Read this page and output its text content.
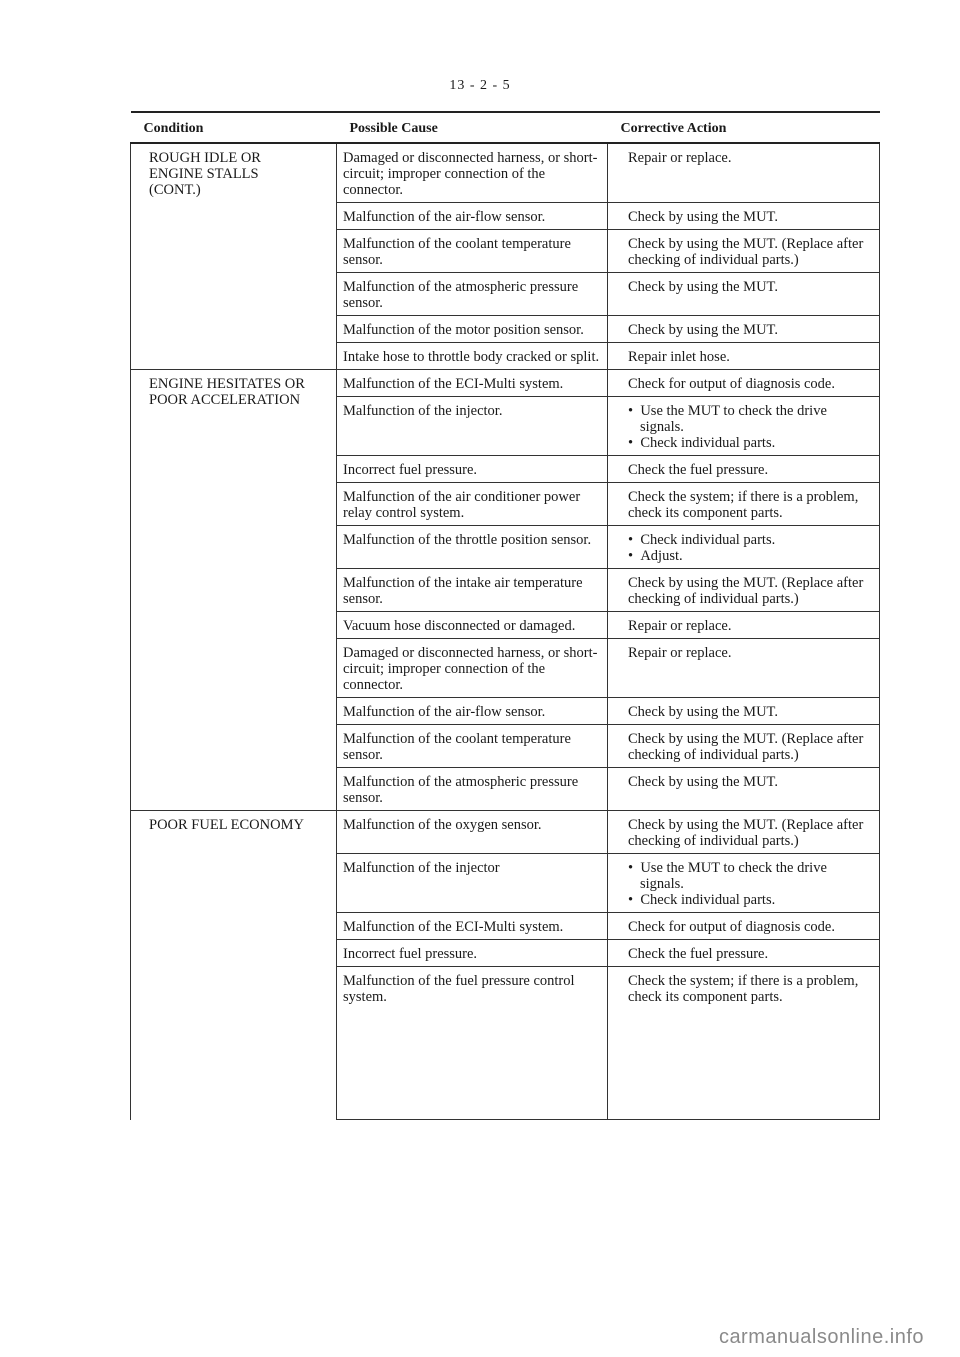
13 - 2 - 5
Condition	Possible Cause	Corrective Action
ROUGH IDLE OR
ENGINE STALLS
(CONT.)	Damaged or disconnected harness, or short-circuit; improper connection of the connector.	Repair or replace.

	Malfunction of the air-flow sensor.	Check by using the MUT.

	Malfunction of the coolant temperature sensor.	Check by using the MUT. (Replace after checking of individual parts.)

	Malfunction of the atmospheric pressure sensor.	Check by using the MUT.

	Malfunction of the motor position sensor.	Check by using the MUT.

	Intake hose to throttle body cracked or split.	Repair inlet hose.

ENGINE HESITATES OR
POOR ACCELERATION	Malfunction of the ECI-Multi system.	Check for output of diagnosis code.

	Malfunction of the injector.	•  Use the MUT to check the drive signals.
•  Check individual parts.

	Incorrect fuel pressure.	Check the fuel pressure.

	Malfunction of the air conditioner power relay control system.	Check the system; if there is a problem, check its component parts.

	Malfunction of the throttle position sensor.	•  Check individual parts.
•  Adjust.

	Malfunction of the intake air temperature sensor.	Check by using the MUT. (Replace after checking of individual parts.)

	Vacuum hose disconnected or damaged.	Repair or replace.

	Damaged or disconnected harness, or short-circuit; improper connection of the connector.	Repair or replace.

	Malfunction of the air-flow sensor.	Check by using the MUT.

	Malfunction of the coolant temperature sensor.	Check by using the MUT. (Replace after checking of individual parts.)

	Malfunction of the atmospheric pressure sensor.	Check by using the MUT.

POOR FUEL ECONOMY	Malfunction of the oxygen sensor.	Check by using the MUT. (Replace after checking of individual parts.)

	Malfunction of the injector	•  Use the MUT to check the drive signals.
•  Check individual parts.

	Malfunction of the ECI-Multi system.	Check for output of diagnosis code.

	Incorrect fuel pressure.	Check the fuel pressure.

	Malfunction of the fuel pressure control system.	Check the system; if there is a problem, check its component parts.

carmanualsonline.info
